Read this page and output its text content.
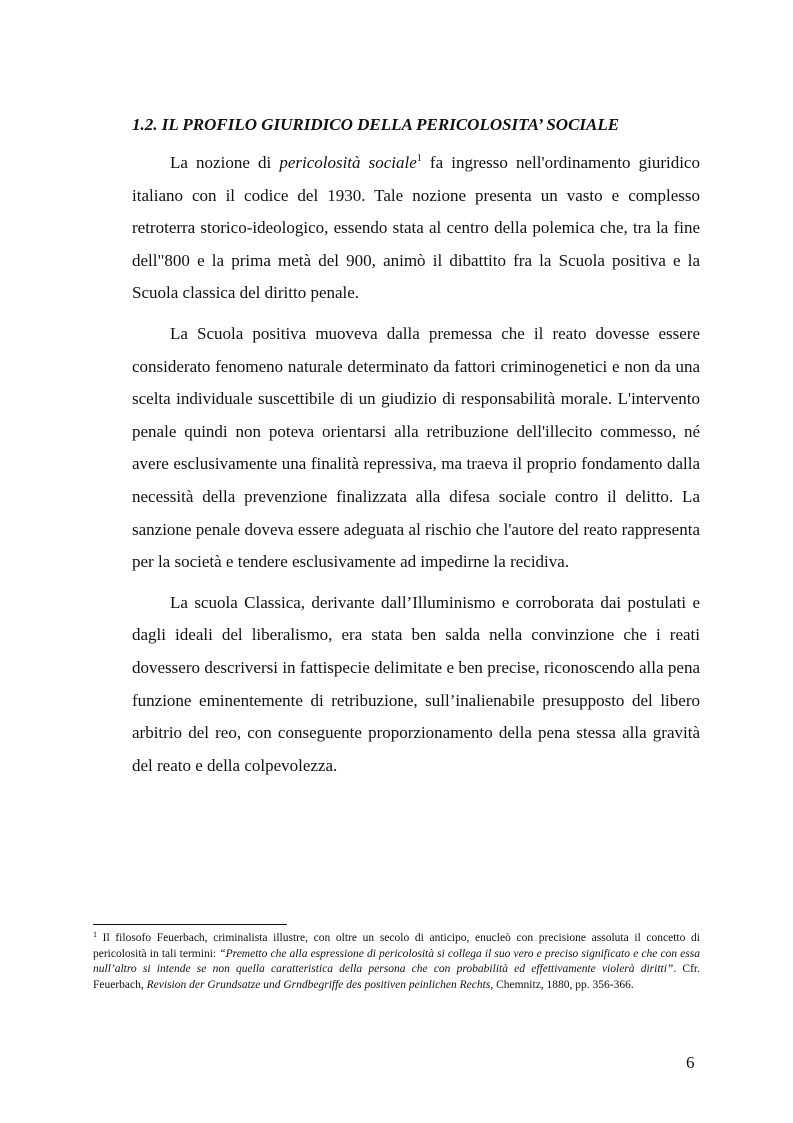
1.2. IL PROFILO GIURIDICO DELLA PERICOLOSITA’ SOCIALE

La nozione di pericolosità sociale$^1$ fa ingresso nell'ordinamento giuridico italiano con il codice del 1930. Tale nozione presenta un vasto e complesso retroterra storico-ideologico, essendo stata al centro della polemica che, tra la fine dell"800 e la prima metà del 900, animò il dibattito fra la Scuola positiva e la Scuola classica del diritto penale.

La Scuola positiva muoveva dalla premessa che il reato dovesse essere considerato fenomeno naturale determinato da fattori criminogenetici e non da una scelta individuale suscettibile di un giudizio di responsabilità morale. L'intervento penale quindi non poteva orientarsi alla retribuzione dell'illecito commesso, né avere esclusivamente una finalità repressiva, ma traeva il proprio fondamento dalla necessità della prevenzione finalizzata alla difesa sociale contro il delitto. La sanzione penale doveva essere adeguata al rischio che l'autore del reato rappresenta per la società e tendere esclusivamente ad impedirne la recidiva.

La scuola Classica, derivante dall’Illuminismo e corroborata dai postulati e dagli ideali del liberalismo, era stata ben salda nella convinzione che i reati dovessero descriversi in fattispecie delimitate e ben precise, riconoscendo alla pena funzione eminentemente di retribuzione, sull’inalienabile presupposto del libero arbitrio del reo, con conseguente proporzionamento della pena stessa alla gravità del reato e della colpevolezza.

$^1$ Il filosofo Feuerbach, criminalista illustre, con oltre un secolo di anticipo, enucleò con precisione assoluta il concetto di pericolosità in tali termini: “Premetto che alla espressione di pericolosità si collega il suo vero e preciso significato e che con essa null’altro si intende se non quella caratteristica della persona che con probabilità ed effettivamente violerà diritti”. Cfr. Feuerbach, Revision der Grundsatze und Grndbegriffe des positiven peinlichen Rechts, Chemnitz, 1880, pp. 356-366.
6
